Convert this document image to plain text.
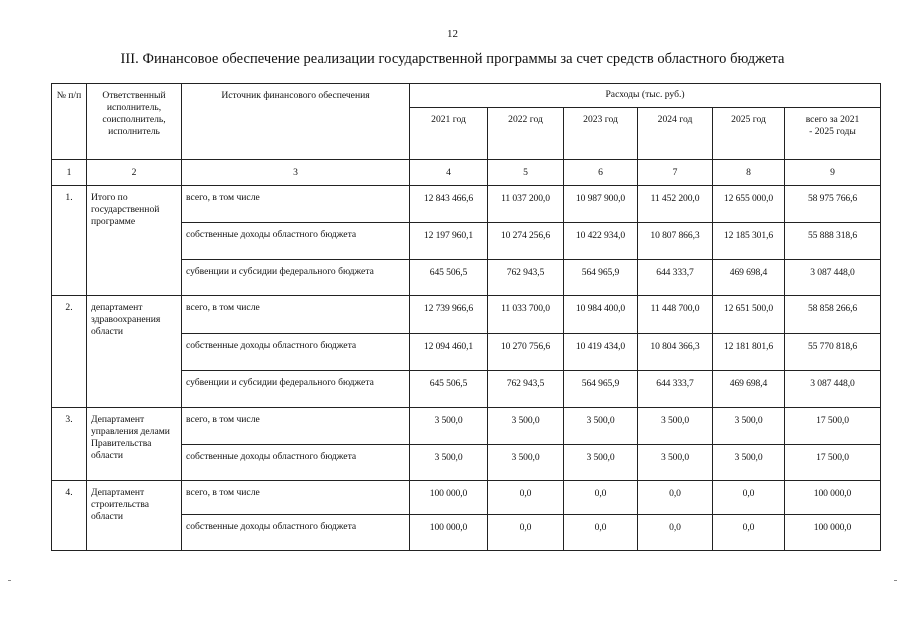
12
III. Финансовое обеспечение реализации государственной программы за счет средств областного бюджета
№ п/п	Ответственный исполнитель, соисполнитель, исполнитель	Источник финансового обеспечения	Расходы (тыс. руб.)					
			2021 год	2022 год	2023 год	2024 год	2025 год	всего за 2021 - 2025 годы
1	2	3	4	5	6	7	8	9
1.	Итого по государственной программе	всего, в том числе	12 843 466,6	11 037 200,0	10 987 900,0	11 452 200,0	12 655 000,0	58 975 766,6
		собственные доходы областного бюджета	12 197 960,1	10 274 256,6	10 422 934,0	10 807 866,3	12 185 301,6	55 888 318,6
		субвенции и субсидии федерального бюджета	645 506,5	762 943,5	564 965,9	644 333,7	469 698,4	3 087 448,0
2.	департамент здравоохранения области	всего, в том числе	12 739 966,6	11 033 700,0	10 984 400,0	11 448 700,0	12 651 500,0	58 858 266,6
		собственные доходы областного бюджета	12 094 460,1	10 270 756,6	10 419 434,0	10 804 366,3	12 181 801,6	55 770 818,6
		субвенции и субсидии федерального бюджета	645 506,5	762 943,5	564 965,9	644 333,7	469 698,4	3 087 448,0
3.	Департамент управления делами Правительства области	всего, в том числе	3 500,0	3 500,0	3 500,0	3 500,0	3 500,0	17 500,0
		собственные доходы областного бюджета	3 500,0	3 500,0	3 500,0	3 500,0	3 500,0	17 500,0
4.	Департамент строительства области	всего, в том числе	100 000,0	0,0	0,0	0,0	0,0	100 000,0
		собственные доходы областного бюджета	100 000,0	0,0	0,0	0,0	0,0	100 000,0
